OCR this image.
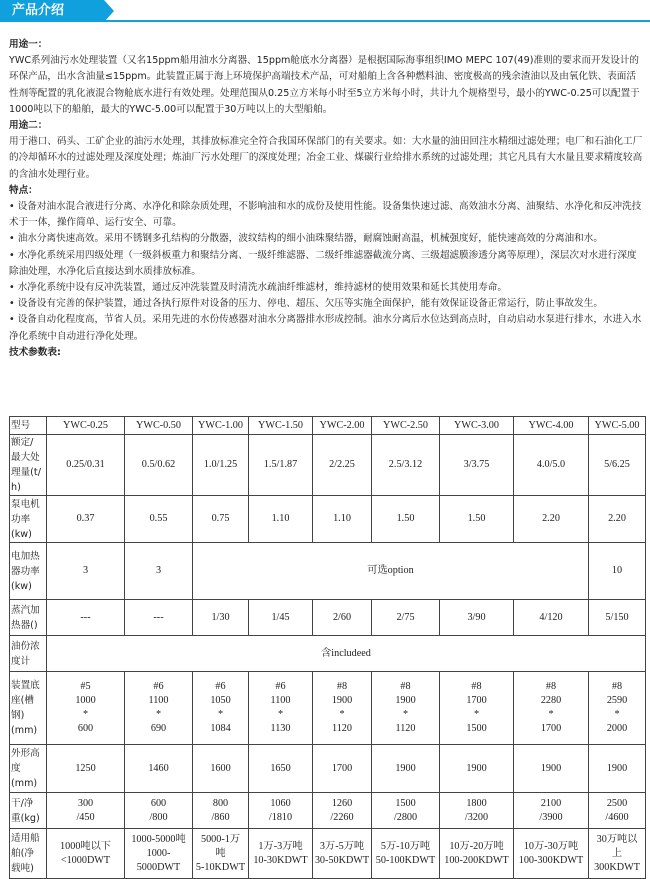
产品介绍

用途一：

YWC系列油污水处理装置（又名15ppm船用油水分离器、15ppm舱底水分离器）是根据国际海事组织IMO MEPC 107(49)准则的要求而开发设计的环保产品，出水含油量≤15ppm。此装置正属于海上环境保护高端技术产品，可对船舶上含各种燃料油、密度极高的残余渣油以及由氧化铁、表面活性剂等配置的乳化液混合物舱底水进行有效处理。处理范围从0.25立方米每小时至5立方米每小时，共计九个规格型号，最小的YWC-0.25可以配置于1000吨以下的船舶，最大的YWC-5.00可以配置于30万吨以上的大型船舶。

用途二：

用于港口、码头、工矿企业的油污水处理，其排放标准完全符合我国环保部门的有关要求。如：大水量的油田回注水精细过滤处理；电厂和石油化工厂的冷却循环水的过滤处理及深度处理；炼油厂污水处理厂的深度处理；冶金工业、煤碳行业给排水系统的过滤处理；其它凡具有大水量且要求精度较高的含油水处理行业。

特点：

• 设备对油水混合液进行分离、水净化和除杂质处理，不影响油和水的成份及使用性能。设备集快速过滤、高效油水分离、油聚结、水净化和反冲洗技术于一体，操作简单、运行安全、可靠。

• 油水分离快速高效。采用不锈钢多孔结构的分散器，波纹结构的细小油珠聚结器，耐腐蚀耐高温，机械强度好，能快速高效的分离油和水。

• 水净化系统采用四级处理（一级斜板重力和聚结分离、一级纤维滤器、二级纤维滤器截流分离、三级超滤膜渗透分离等原理），深层次对水进行深度除油处理，水净化后直接达到水质排放标准。

• 水净化系统中设有反冲洗装置，通过反冲洗装置及时清洗水疏油纤维滤材，维持滤材的使用效果和延长其使用寿命。

• 设备设有完善的保护装置，通过各执行原件对设备的压力、停电、超压、欠压等实施全面保护，能有效保证设备正常运行，防止事故发生。

• 设备自动化程度高，节省人员。采用先进的水份传感器对油水分离器排水形成控制。油水分离后水位达到高点时，自动启动水泵进行排水，水进入水净化系统中自动进行净化处理。

技术参数表:

型号	YWC-0.25	YWC-0.50	YWC-1.00	YWC-1.50	YWC-2.00	YWC-2.50	YWC-3.00	YWC-4.00	YWC-5.00

额定/
最大处
理量(t/
h)	0.25/0.31	0.5/0.62	1.0/1.25	1.5/1.87	2/2.25	2.5/3.12	3/3.75	4.0/5.0	5/6.25

泵电机
功率
(kw)	0.37	0.55	0.75	1.10	1.10	1.50	1.50	2.20	2.20

电加热
器功率
(kw)	3	3	可选option						10

蒸汽加
热器()	---	---	1/30	1/45	2/60	2/75	3/90	4/120	5/150

油份浓
度计	含includeed								

装置底
座(槽
钢)
(mm)	#5
1000
*
600	#6
1100
*
690	#6
1050
*
1084	#6
1100
*
1130	#8
1900
*
1120	#8
1900
*
1120	#8
1700
*
1500	#8
2280
*
1700	#8
2590
*
2000

外形高
度
(mm)	1250	1460	1600	1650	1700	1900	1900	1900	1900

干/净
重(kg)	300
/450	600
/800	800
/860	1060
/1810	1260
/2260	1500
/2800	1800
/3200	2100
/3900	2500
/4600

适用船
舶(净
载吨)	1000吨以下
<1000DWT	1000-5000吨
1000-5000DWT	5000-1万
吨
5-10KDWT	1万-3万吨
10-30KDWT	3万-5万吨
30-50KDWT	5万-10万吨
50-100KDWT	10万-20万吨
100-200KDWT	10万-30万吨
100-300KDWT	30万吨以
上
300KDWT
